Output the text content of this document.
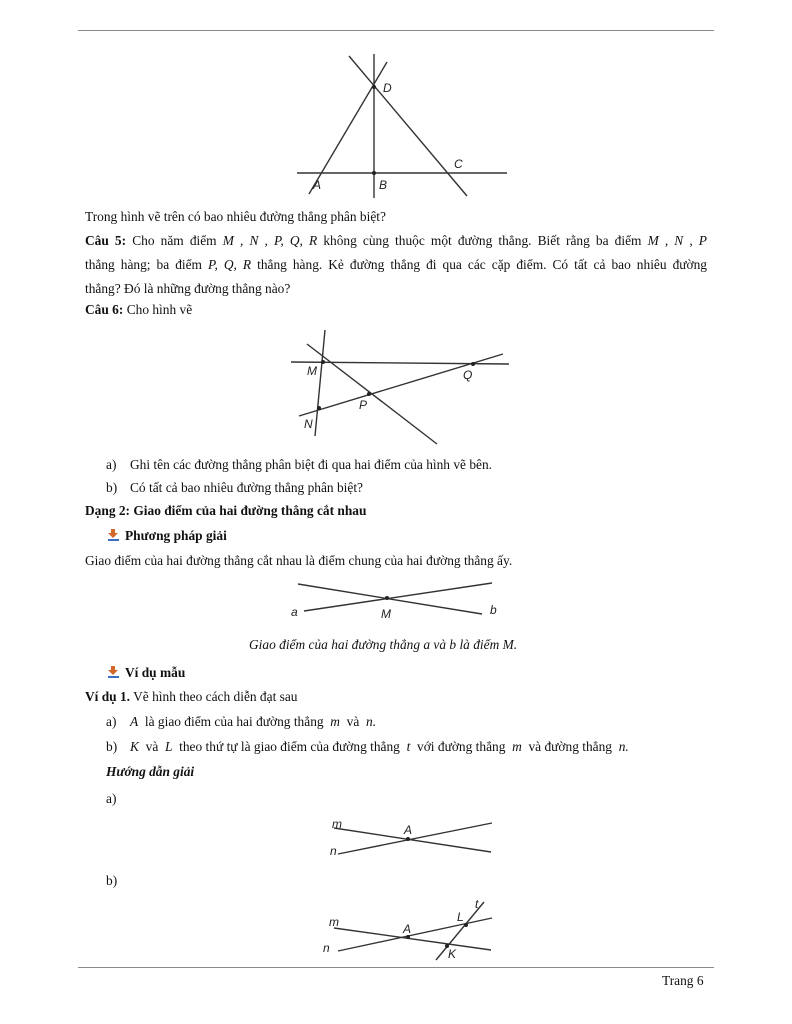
D
C
A	B
Trong hình vẽ trên có bao nhiêu đường thẳng phân biệt?
Câu 5: Cho năm điểm M , N , P, Q, R không cùng thuộc một đường thẳng. Biết rằng ba điểm M , N , P
thẳng hàng; ba điểm P, Q, R thẳng hàng. Kẻ đường thẳng đi qua các cặp điểm. Có tất cả bao nhiêu đường
thẳng? Đó là những đường thẳng nào?
Câu 6: Cho hình vẽ
M	Q
P
N
a) Ghi tên các đường thẳng phân biệt đi qua hai điểm của hình vẽ bên.
b) Có tất cả bao nhiêu đường thẳng phân biệt?
Dạng 2: Giao điểm của hai đường thẳng cắt nhau
Phương pháp giải
Giao điểm của hai đường thẳng cắt nhau là điểm chung của hai đường thẳng ấy.
a	M	b
Giao điểm của hai đường thẳng a và b là điểm M.
Ví dụ mẫu
Ví dụ 1. Vẽ hình theo cách diễn đạt sau
a) A là giao điểm của hai đường thẳng m và n.
b) K và L theo thứ tự là giao điểm của đường thẳng t với đường thẳng m và đường thẳng n.
Hướng dẫn giải
a)
m	A
n
b)
t
m	L
A
n	K
Trang 6
